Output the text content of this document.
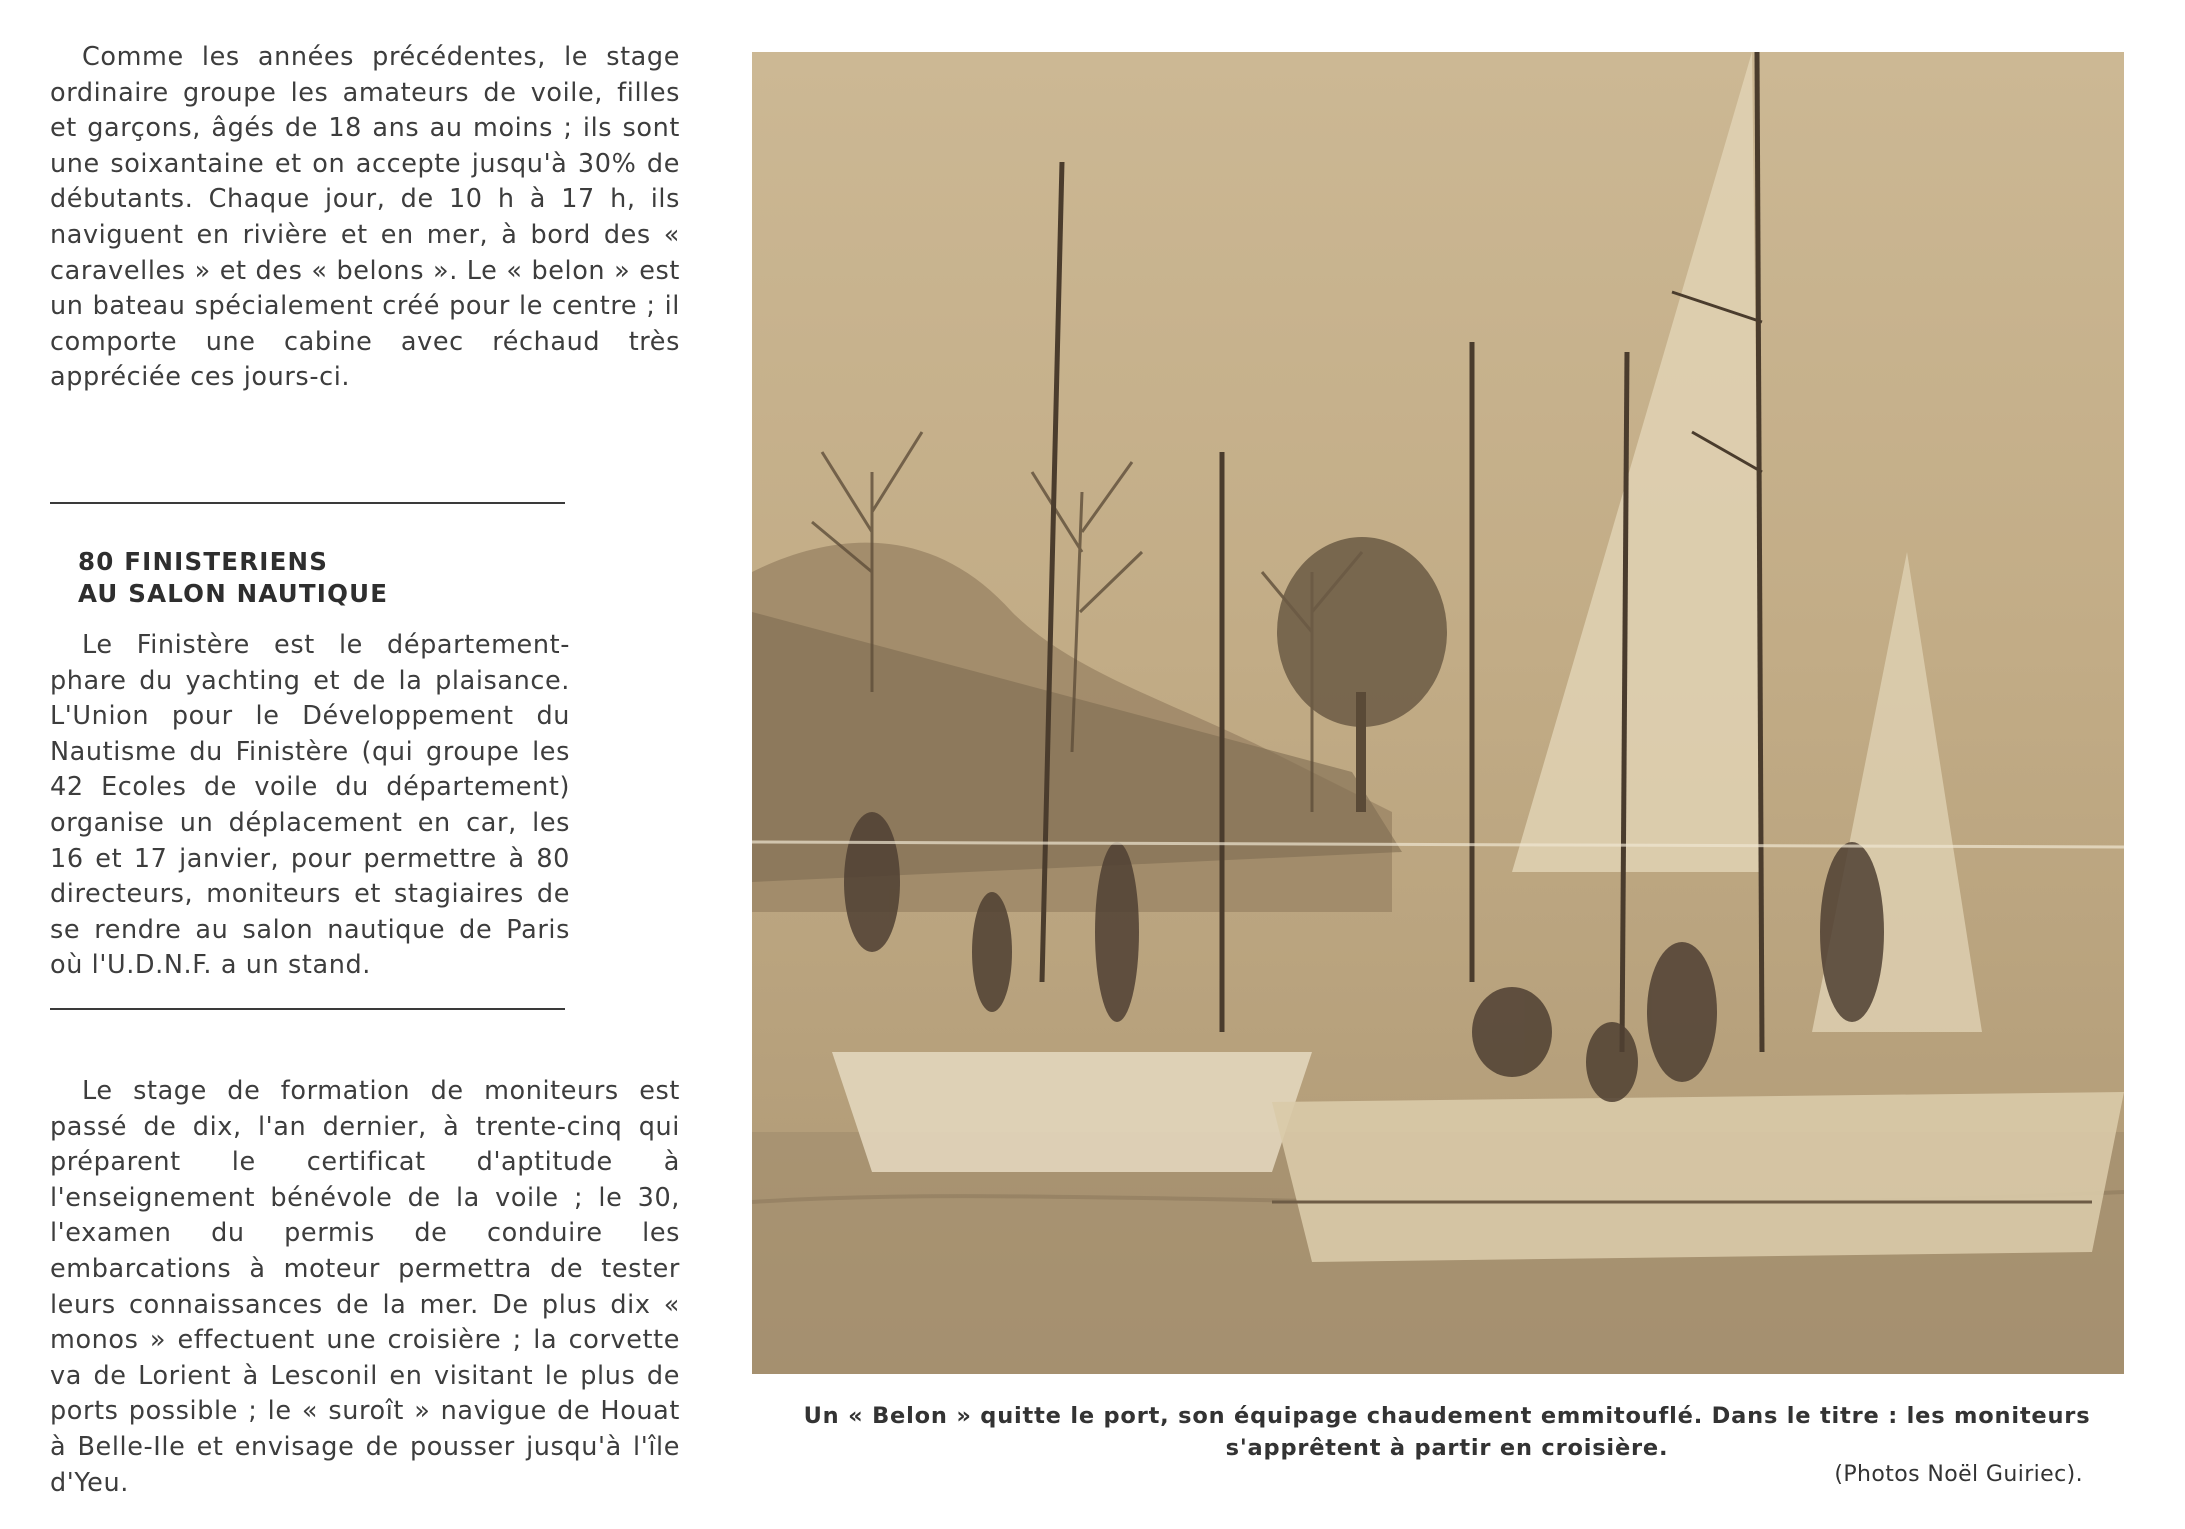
Comme les années précédentes, le stage ordinaire groupe les amateurs de voile, filles et garçons, âgés de 18 ans au moins ; ils sont une soixantaine et on accepte jusqu'à 30% de débutants. Chaque jour, de 10 h à 17 h, ils naviguent en rivière et en mer, à bord des « caravelles » et des « belons ». Le « belon » est un bateau spécialement créé pour le centre ; il comporte une cabine avec réchaud très appréciée ces jours-ci.

80 FINISTERIENS
AU SALON NAUTIQUE

Le Finistère est le département-phare du yachting et de la plaisance. L'Union pour le Développement du Nautisme du Finistère (qui groupe les 42 Ecoles de voile du département) organise un déplacement en car, les 16 et 17 janvier, pour permettre à 80 directeurs, moniteurs et stagiaires de se rendre au salon nautique de Paris où l'U.D.N.F. a un stand.

Le stage de formation de moniteurs est passé de dix, l'an dernier, à trente-cinq qui préparent le certificat d'aptitude à l'enseignement bénévole de la voile ; le 30, l'examen du permis de conduire les embarcations à moteur permettra de tester leurs connaissances de la mer. De plus dix « monos » effectuent une croisière ; la corvette va de Lorient à Lesconil en visitant le plus de ports possible ; le « suroît » navigue de Houat à Belle-Ile et envisage de pousser jusqu'à l'île d'Yeu.

Un « Belon » quitte le port, son équipage chaudement emmitouflé. Dans le titre : les moniteurs s'apprêtent à partir en croisière.
(Photos Noël Guiriec).
